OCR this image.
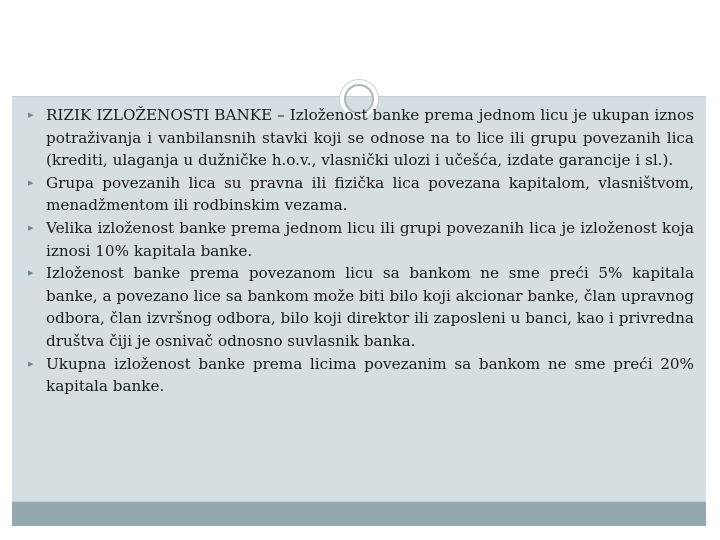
▸ RIZIK IZLOŽENOSTI BANKE – Izloženost banke prema jednom licu je ukupan iznos potraživanja i vanbilansnih stavki koji se odnose na to lice ili grupu povezanih lica (krediti, ulaganja u dužničke h.o.v., vlasnički ulozi i učešća, izdate garancije i sl.).

▸ Grupa povezanih lica su pravna ili fizička lica povezana kapitalom, vlasništvom, menadžmentom ili rodbinskim vezama.

▸ Velika izloženost banke prema jednom licu ili grupi povezanih lica je izloženost koja iznosi 10% kapitala banke.

▸ Izloženost banke prema povezanom licu sa bankom ne sme preći 5% kapitala banke, a povezano lice sa bankom može biti bilo koji akcionar banke, član upravnog odbora, član izvršnog odbora, bilo koji direktor ili zaposleni u banci, kao i privredna društva čiji je osnivač odnosno suvlasnik banka.

▸ Ukupna izloženost banke prema licima povezanim sa bankom ne sme preći 20% kapitala banke.
